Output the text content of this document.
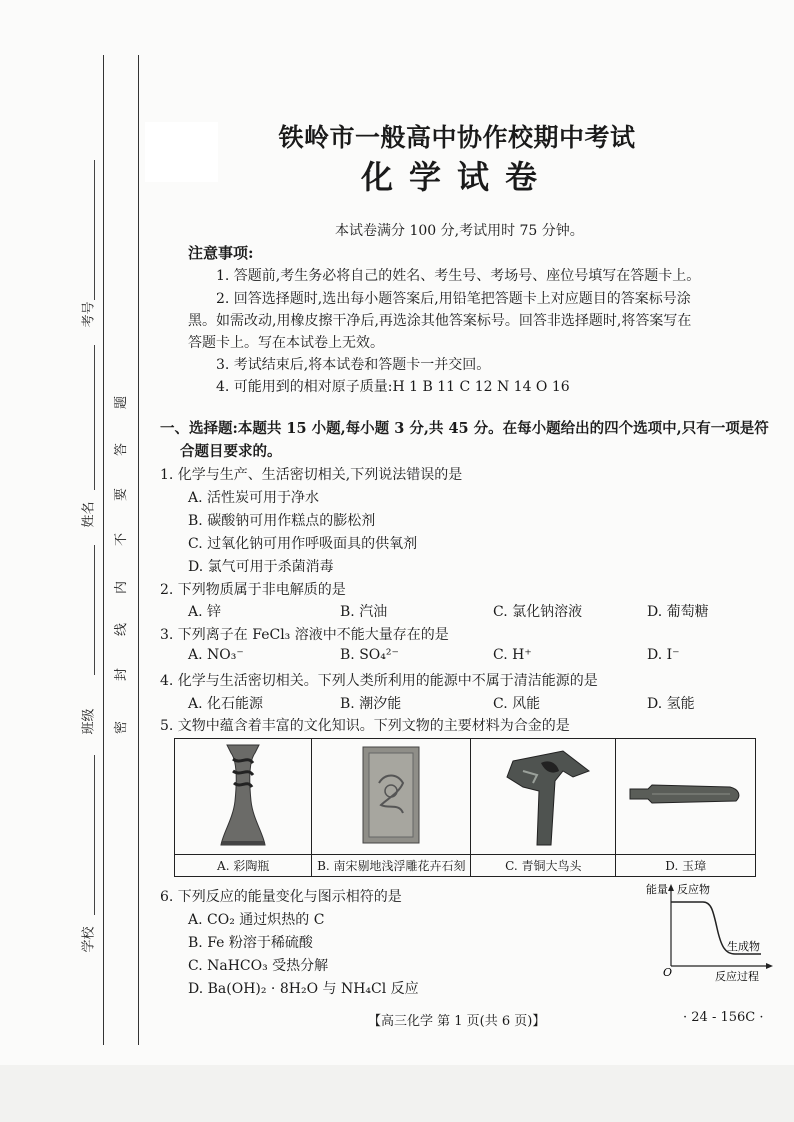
考号
姓名
班级
学校
密
封
线
内
不
要
答
题
铁岭市一般高中协作校期中考试
化学试卷
本试卷满分 100 分,考试用时 75 分钟。
注意事项:
1. 答题前,考生务必将自己的姓名、考生号、考场号、座位号填写在答题卡上。
2. 回答选择题时,选出每小题答案后,用铅笔把答题卡上对应题目的答案标号涂
黑。如需改动,用橡皮擦干净后,再选涂其他答案标号。回答非选择题时,将答案写在
答题卡上。写在本试卷上无效。
3. 考试结束后,将本试卷和答题卡一并交回。
4. 可能用到的相对原子质量:H 1 B 11 C 12 N 14 O 16
一、选择题:本题共 15 小题,每小题 3 分,共 45 分。在每小题给出的四个选项中,只有一项是符
合题目要求的。
1. 化学与生产、生活密切相关,下列说法错误的是
A. 活性炭可用于净水
B. 碳酸钠可用作糕点的膨松剂
C. 过氧化钠可用作呼吸面具的供氧剂
D. 氯气可用于杀菌消毒
2. 下列物质属于非电解质的是
A. 锌	B. 汽油	C. 氯化钠溶液	D. 葡萄糖
3. 下列离子在 FeCl₃ 溶液中不能大量存在的是
A. NO₃⁻	B. SO₄²⁻	C. H⁺	D. I⁻
4. 化学与生活密切相关。下列人类所利用的能源中不属于清洁能源的是
A. 化石能源	B. 潮汐能	C. 风能	D. 氢能
5. 文物中蕴含着丰富的文化知识。下列文物的主要材料为合金的是

A. 彩陶瓶	B. 南宋剔地浅浮雕花卉石刻	C. 青铜大鸟头	D. 玉璋
6. 下列反应的能量变化与图示相符的是
A. CO₂ 通过炽热的 C
B. Fe 粉溶于稀硫酸
C. NaHCO₃ 受热分解
D. Ba(OH)₂ · 8H₂O 与 NH₄Cl 反应
能量 反应物
生成物
反应过程
O
【高三化学 第 1 页(共 6 页)】	· 24 - 156C ·
